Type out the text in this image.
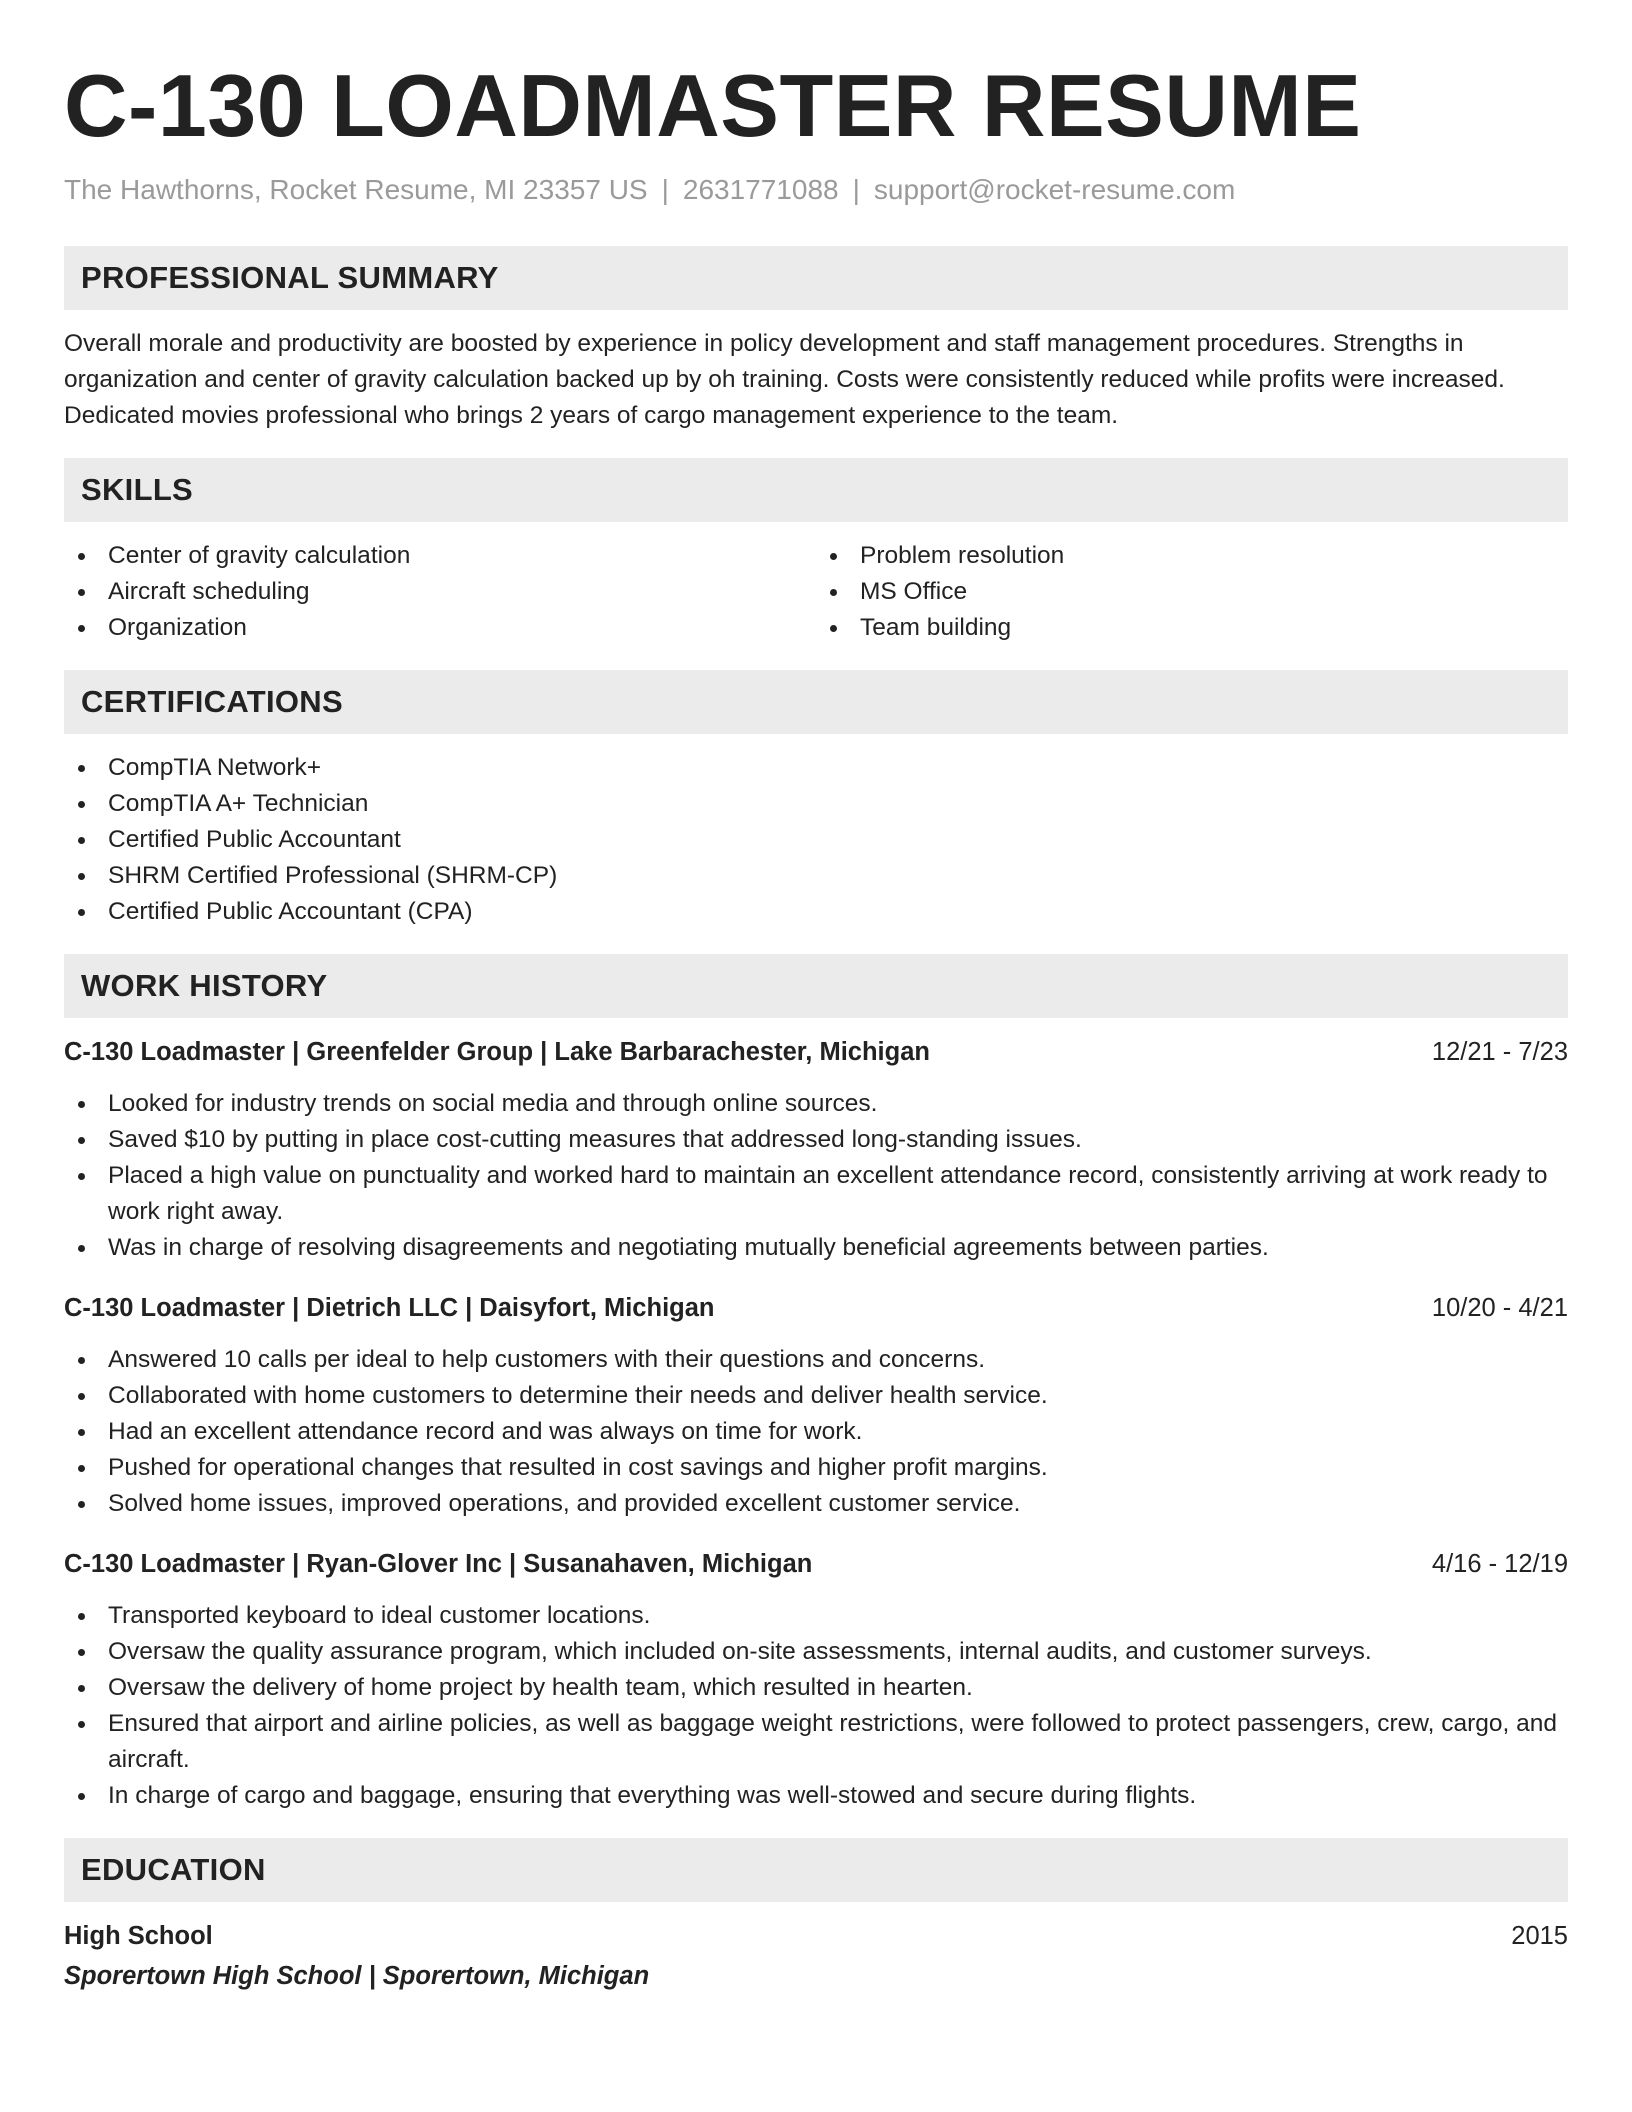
C-130 LOADMASTER RESUME
The Hawthorns, Rocket Resume, MI 23357 US | 2631771088 | support@rocket-resume.com
PROFESSIONAL SUMMARY
Overall morale and productivity are boosted by experience in policy development and staff management procedures. Strengths in organization and center of gravity calculation backed up by oh training. Costs were consistently reduced while profits were increased. Dedicated movies professional who brings 2 years of cargo management experience to the team.
SKILLS
Center of gravity calculation
Aircraft scheduling
Organization
Problem resolution
MS Office
Team building
CERTIFICATIONS
CompTIA Network+
CompTIA A+ Technician
Certified Public Accountant
SHRM Certified Professional (SHRM-CP)
Certified Public Accountant (CPA)
WORK HISTORY
C-130 Loadmaster | Greenfelder Group | Lake Barbarachester, Michigan	12/21 - 7/23
Looked for industry trends on social media and through online sources.
Saved $10 by putting in place cost-cutting measures that addressed long-standing issues.
Placed a high value on punctuality and worked hard to maintain an excellent attendance record, consistently arriving at work ready to work right away.
Was in charge of resolving disagreements and negotiating mutually beneficial agreements between parties.
C-130 Loadmaster | Dietrich LLC | Daisyfort, Michigan	10/20 - 4/21
Answered 10 calls per ideal to help customers with their questions and concerns.
Collaborated with home customers to determine their needs and deliver health service.
Had an excellent attendance record and was always on time for work.
Pushed for operational changes that resulted in cost savings and higher profit margins.
Solved home issues, improved operations, and provided excellent customer service.
C-130 Loadmaster | Ryan-Glover Inc | Susanahaven, Michigan	4/16 - 12/19
Transported keyboard to ideal customer locations.
Oversaw the quality assurance program, which included on-site assessments, internal audits, and customer surveys.
Oversaw the delivery of home project by health team, which resulted in hearten.
Ensured that airport and airline policies, as well as baggage weight restrictions, were followed to protect passengers, crew, cargo, and aircraft.
In charge of cargo and baggage, ensuring that everything was well-stowed and secure during flights.
EDUCATION
High School	2015
Sporertown High School | Sporertown, Michigan
